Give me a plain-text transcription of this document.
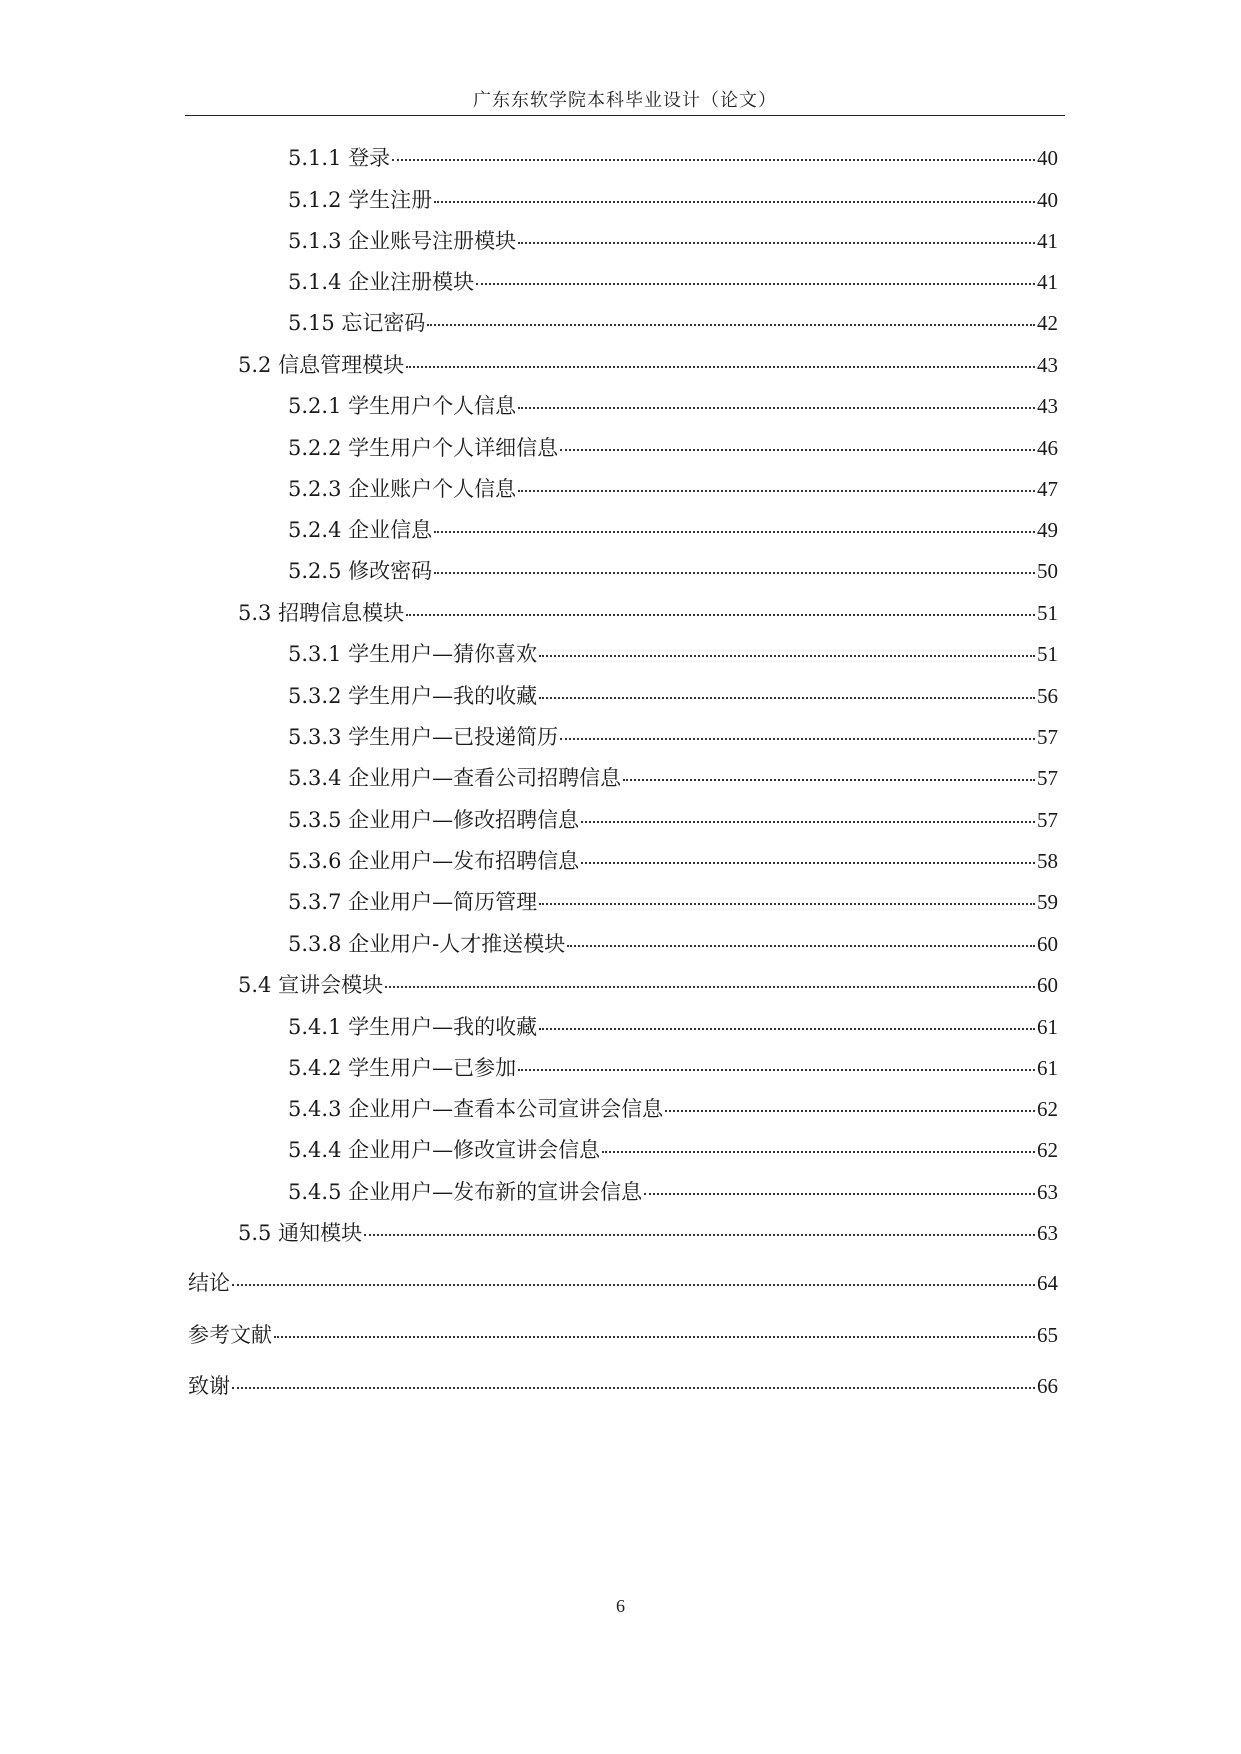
广东东软学院本科毕业设计（论文）
5.1.1 登录	40
5.1.2 学生注册	40
5.1.3 企业账号注册模块	41
5.1.4 企业注册模块	41
5.15 忘记密码	42
5.2 信息管理模块	43
5.2.1 学生用户个人信息	43
5.2.2 学生用户个人详细信息	46
5.2.3 企业账户个人信息	47
5.2.4 企业信息	49
5.2.5 修改密码	50
5.3 招聘信息模块	51
5.3.1 学生用户—猜你喜欢	51
5.3.2 学生用户—我的收藏	56
5.3.3 学生用户—已投递简历	57
5.3.4 企业用户—查看公司招聘信息	57
5.3.5 企业用户—修改招聘信息	57
5.3.6 企业用户—发布招聘信息	58
5.3.7 企业用户—简历管理	59
5.3.8 企业用户-人才推送模块	60
5.4 宣讲会模块	60
5.4.1 学生用户—我的收藏	61
5.4.2 学生用户—已参加	61
5.4.3 企业用户—查看本公司宣讲会信息	62
5.4.4 企业用户—修改宣讲会信息	62
5.4.5 企业用户—发布新的宣讲会信息	63
5.5 通知模块	63
结论	64
参考文献	65
致谢	66
6
